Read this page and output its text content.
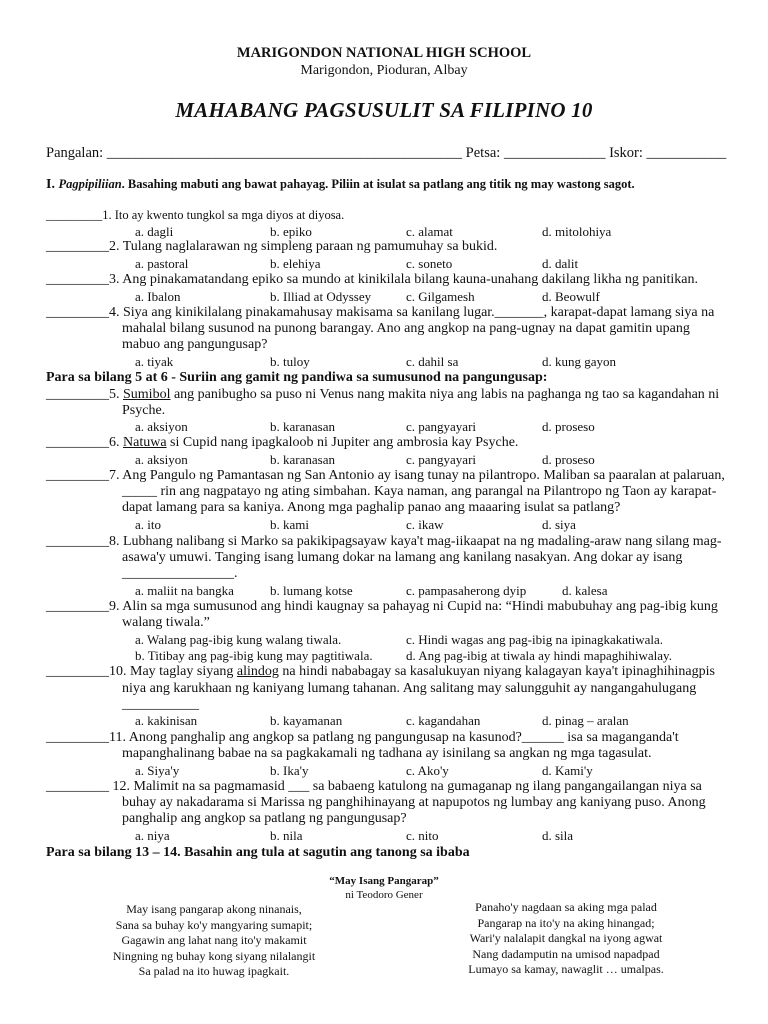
MARIGONDON NATIONAL HIGH SCHOOL
Marigondon, Pioduran, Albay
MAHABANG PAGSUSULIT SA FILIPINO 10
Pangalan: _________________________________________________ Petsa: ______________ Iskor: ___________
I. Pagpipiliian. Basahing mabuti ang bawat pahayag. Piliin at isulat sa patlang ang titik ng may wastong sagot.
_________1. Ito ay kwento tungkol sa mga diyos at diyosa.
a. dagli	b. epiko	c. alamat	d. mitolohiya
_________2. Tulang naglalarawan ng simpleng paraan ng pamumuhay sa bukid.
a. pastoral	b. elehiya	c. soneto	d. dalit
_________3. Ang pinakamatandang epiko sa mundo at kinikilala bilang kauna-unahang dakilang likha ng panitikan.
a. Ibalon	b. Illiad at Odyssey	c. Gilgamesh	d. Beowulf
_________4. Siya ang kinikilalang pinakamahusay makisama sa kanilang lugar._______, karapat-dapat lamang siya na
mahalal bilang susunod na punong barangay. Ano ang angkop na pang-ugnay na dapat gamitin upang
mabuo ang pangungusap?
a. tiyak	b. tuloy	c. dahil sa	d. kung gayon
Para sa bilang 5 at 6 - Suriin ang gamit ng pandiwa sa sumusunod na pangungusap:
_________5. Sumibol ang panibugho sa puso ni Venus nang makita niya ang labis na paghanga ng tao sa kagandahan ni
Psyche.
a. aksiyon	b. karanasan	c. pangyayari	d. proseso
_________6. Natuwa si Cupid nang ipagkaloob ni Jupiter ang ambrosia kay Psyche.
a. aksiyon	b. karanasan	c. pangyayari	d. proseso
_________7. Ang Pangulo ng Pamantasan ng San Antonio ay isang tunay na pilantropo. Maliban sa paaralan at palaruan,
_____ rin ang nagpatayo ng ating simbahan. Kaya naman, ang parangal na Pilantropo ng Taon ay karapat-
dapat lamang para sa kaniya. Anong mga paghalip panao ang maaaring isulat sa patlang?
a. ito	b. kami	c. ikaw	d. siya
_________8. Lubhang nalibang si Marko sa pakikipagsayaw kaya't mag-iikaapat na ng madaling-araw nang silang mag-
asawa'y umuwi. Tanging isang lumang dokar na lamang ang kanilang nasakyan. Ang dokar ay isang
________________.
a. maliit na bangka	b. lumang kotse	c. pampasaherong dyip	d. kalesa
_________9. Alin sa mga sumusunod ang hindi kaugnay sa pahayag ni Cupid na: “Hindi mabubuhay ang pag-ibig kung
walang tiwala.”
a. Walang pag-ibig kung walang tiwala.	c. Hindi wagas ang pag-ibig na ipinagkakatiwala.
b. Titibay ang pag-ibig kung may pagtitiwala.	d. Ang pag-ibig at tiwala ay hindi mapaghihiwalay.
_________10. May taglay siyang alindog na hindi nababagay sa kasalukuyan niyang kalagayan kaya't ipinaghihinagpis
niya ang karukhaan ng kaniyang lumang tahanan. Ang salitang may salungguhit ay nangangahulugang
___________
a. kakinisan	b. kayamanan	c. kagandahan	d. pinag – aralan
_________11. Anong panghalip ang angkop sa patlang ng pangungusap na kasunod?______ isa sa maganganda't
mapanghalinang babae na sa pagkakamali ng tadhana ay isinilang sa angkan ng mga tagasulat.
a. Siya'y	b. Ika'y	c. Ako'y	d. Kami'y
_________ 12. Malimit na sa pagmamasid ___ sa babaeng katulong na gumaganap ng ilang pangangailangan niya sa
buhay ay nakadarama si Marissa ng panghihinayang at napupotos ng lumbay ang kaniyang puso. Anong
panghalip ang angkop sa patlang ng pangungusap?
a. niya	b. nila	c. nito	d. sila
Para sa bilang 13 – 14. Basahin ang tula at sagutin ang tanong sa ibaba
“May Isang Pangarap”
ni Teodoro Gener
May isang pangarap akong ninanais,
Sana sa buhay ko'y mangyaring sumapit;
Gagawin ang lahat nang ito'y makamit
Ningning ng buhay kong siyang nilalangit
Sa palad na ito huwag ipagkait.
Panaho'y nagdaan sa aking mga palad
Pangarap na ito'y na aking hinangad;
Wari'y nalalapit dangkal na iyong agwat
Nang dadamputin na umisod napadpad
Lumayo sa kamay, nawaglit … umalpas.
